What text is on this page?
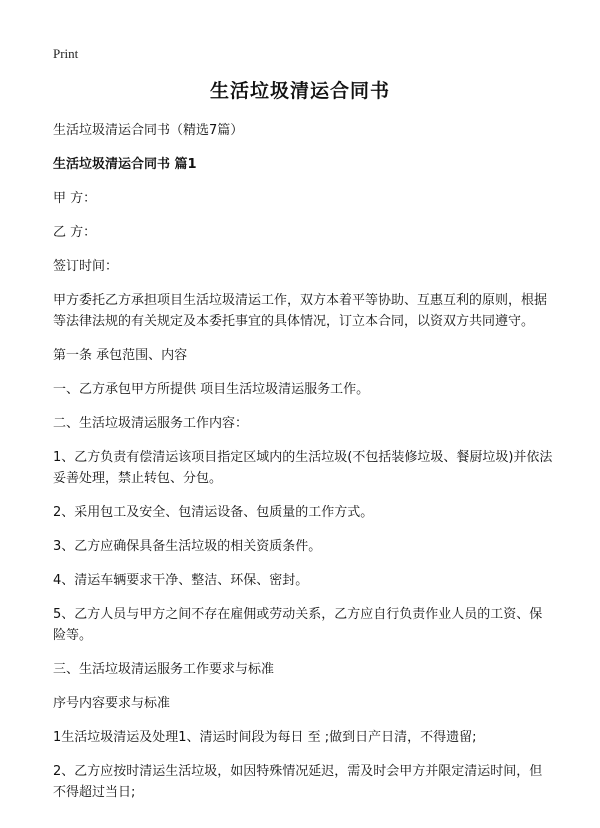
Print
生活垃圾清运合同书

生活垃圾清运合同书（精选7篇）

生活垃圾清运合同书 篇1

甲 方：

乙 方：

签订时间：

甲方委托乙方承担项目生活垃圾清运工作，双方本着平等协助、互惠互利的原则，根据等法律法规的有关规定及本委托事宜的具体情况，订立本合同，以资双方共同遵守。

第一条 承包范围、内容

一、乙方承包甲方所提供 项目生活垃圾清运服务工作。

二、生活垃圾清运服务工作内容：

1、乙方负责有偿清运该项目指定区域内的生活垃圾(不包括装修垃圾、餐厨垃圾)并依法妥善处理，禁止转包、分包。

2、采用包工及安全、包清运设备、包质量的工作方式。

3、乙方应确保具备生活垃圾的相关资质条件。

4、清运车辆要求干净、整洁、环保、密封。

5、乙方人员与甲方之间不存在雇佣或劳动关系，乙方应自行负责作业人员的工资、保险等。

三、生活垃圾清运服务工作要求与标准

序号内容要求与标准

1生活垃圾清运及处理1、清运时间段为每日 至 ;做到日产日清，不得遗留;

2、乙方应按时清运生活垃圾，如因特殊情况延迟，需及时会甲方并限定清运时间，但不得超过当日;
